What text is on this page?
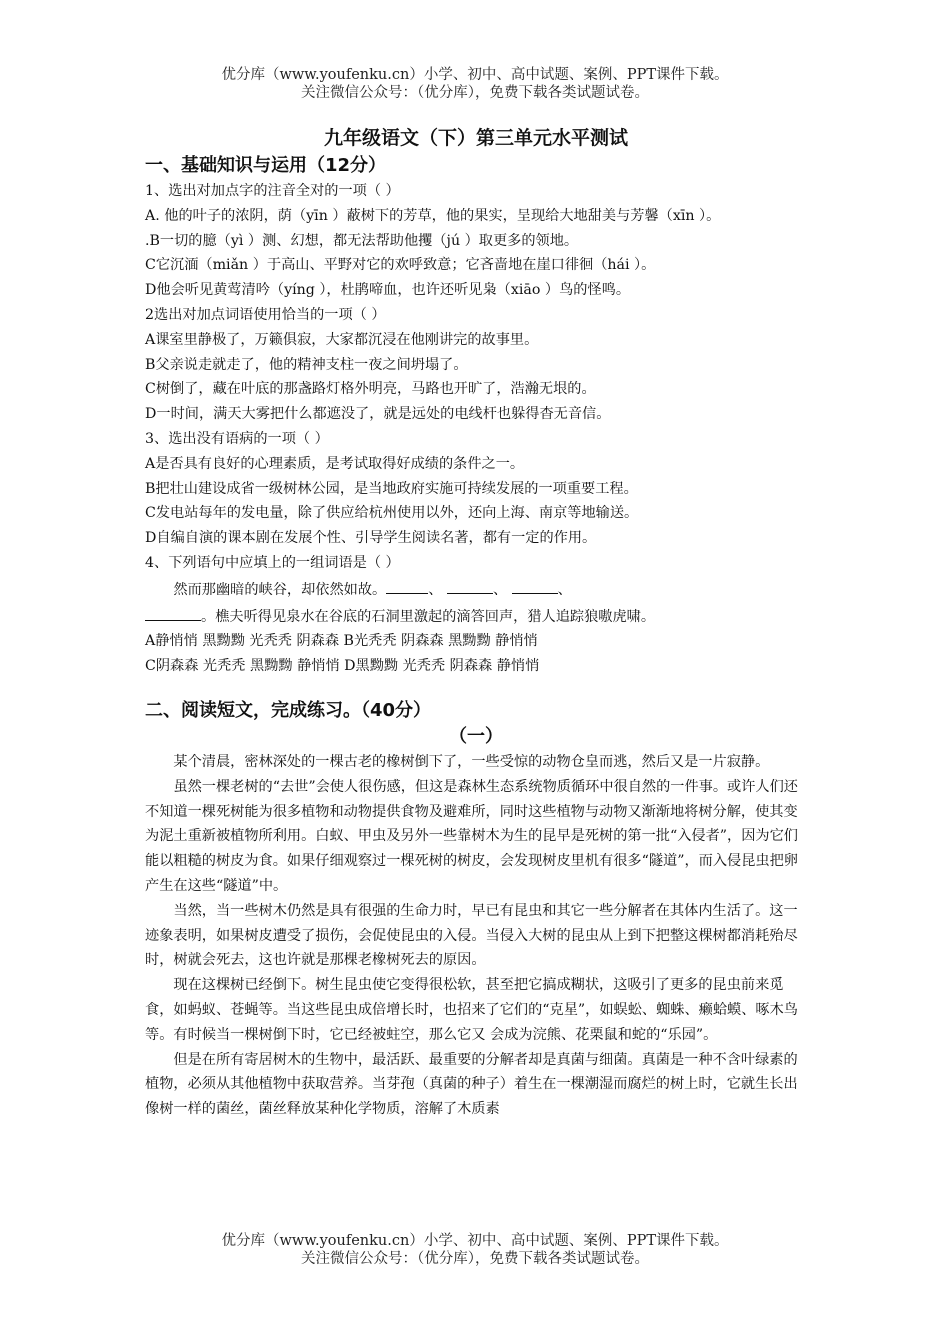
优分库（www.youfenku.cn）小学、初中、高中试题、案例、PPT课件下载。
关注微信公众号：（优分库），免费下载各类试题试卷。
九年级语文（下）第三单元水平测试
一、基础知识与运用（12分）

1、选出对加点字的注音全对的一项（ ）

A. 他的叶子的浓阴，荫（yīn ）蔽树下的芳草，他的果实，呈现给大地甜美与芳馨（xīn ）。

.B一切的臆（yì ）测、幻想，都无法帮助他攫（jú ）取更多的领地。

C它沉湎（miǎn ）于高山、平野对它的欢呼致意；它吝啬地在崖口徘徊（hái ）。

D他会听见黄莺清吟（yíng ），杜鹃啼血，也许还听见枭（xiāo ）鸟的怪鸣。

2选出对加点词语使用恰当的一项（ ）

A课室里静极了，万籁俱寂，大家都沉浸在他刚讲完的故事里。

B父亲说走就走了，他的精神支柱一夜之间坍塌了。

C树倒了，藏在叶底的那盏路灯格外明亮，马路也开旷了，浩瀚无垠的。

D一时间，满天大雾把什么都遮没了，就是远处的电线杆也躲得杳无音信。

3、选出没有语病的一项（ ）

A是否具有良好的心理素质，是考试取得好成绩的条件之一。

B把壮山建设成省一级树林公园，是当地政府实施可持续发展的一项重要工程。

C发电站每年的发电量，除了供应给杭州使用以外，还向上海、南京等地输送。

D自编自演的课本剧在发展个性、引导学生阅读名著，都有一定的作用。

4、下列语句中应填上的一组词语是（ ）

然而那幽暗的峡谷，却依然如故。	、	、	、

。樵夫听得见泉水在谷底的石洞里激起的滴答回声，猎人追踪狼嗷虎啸。

A静悄悄 黑黝黝 光秃秃 阴森森 B光秃秃 阴森森 黑黝黝 静悄悄

C阴森森 光秃秃 黑黝黝 静悄悄 D黑黝黝 光秃秃 阴森森 静悄悄

二、阅读短文，完成练习。（40分）
（一）

某个清晨，密林深处的一棵古老的橡树倒下了，一些受惊的动物仓皇而逃，然后又是一片寂静。

虽然一棵老树的“去世”会使人很伤感，但这是森林生态系统物质循环中很自然的一件事。或许人们还不知道一棵死树能为很多植物和动物提供食物及避难所，同时这些植物与动物又渐渐地将树分解，使其变为泥土重新被植物所利用。白蚁、甲虫及另外一些靠树木为生的昆早是死树的第一批“入侵者”，因为它们能以粗糙的树皮为食。如果仔细观察过一棵死树的树皮，会发现树皮里机有很多“隧道”，而入侵昆虫把卵产生在这些“隧道”中。

当然，当一些树木仍然是具有很强的生命力时，早已有昆虫和其它一些分解者在其体内生活了。这一迹象表明，如果树皮遭受了损伤，会促使昆虫的入侵。当侵入大树的昆虫从上到下把整这棵树都消耗殆尽时，树就会死去，这也许就是那棵老橡树死去的原因。

现在这棵树已经倒下。树生昆虫使它变得很松软，甚至把它搞成糊状，这吸引了更多的昆虫前来觅食，如蚂蚁、苍蝇等。当这些昆虫成倍增长时，也招来了它们的“克星”，如蜈蚣、蜘蛛、癞蛤蟆、啄木鸟等。有时候当一棵树倒下时，它已经被蛀空，那么它又 会成为浣熊、花栗鼠和蛇的“乐园”。

但是在所有寄居树木的生物中，最活跃、最重要的分解者却是真菌与细菌。真菌是一种不含叶绿素的植物，必须从其他植物中获取营养。当芽孢（真菌的种子）着生在一棵潮湿而腐烂的树上时，它就生长出像树一样的菌丝，菌丝释放某种化学物质，溶解了木质素

优分库（www.youfenku.cn）小学、初中、高中试题、案例、PPT课件下载。
关注微信公众号：（优分库），免费下载各类试题试卷。
